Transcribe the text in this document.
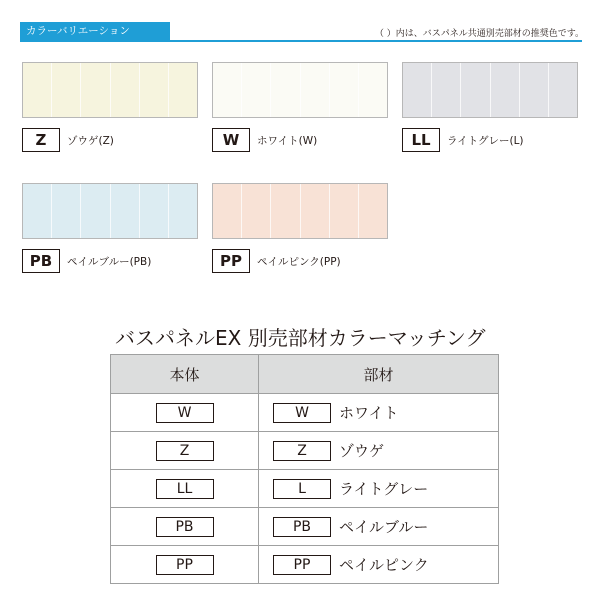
カラーバリエーション	（ ）内は、バスパネル共通別売部材の推奨色です。
Z	ゾウゲ(Z)	W	ホワイト(W)	LL	ライトグレー(L)
PB	ペイルブルー(PB)	PP	ペイルピンク(PP)
バスパネルEX 別売部材カラーマッチング
本体	部材
W	W ホワイト
Z	Z ゾウゲ
LL	L ライトグレー
PB	PB ペイルブルー
PP	PP ペイルピンク
